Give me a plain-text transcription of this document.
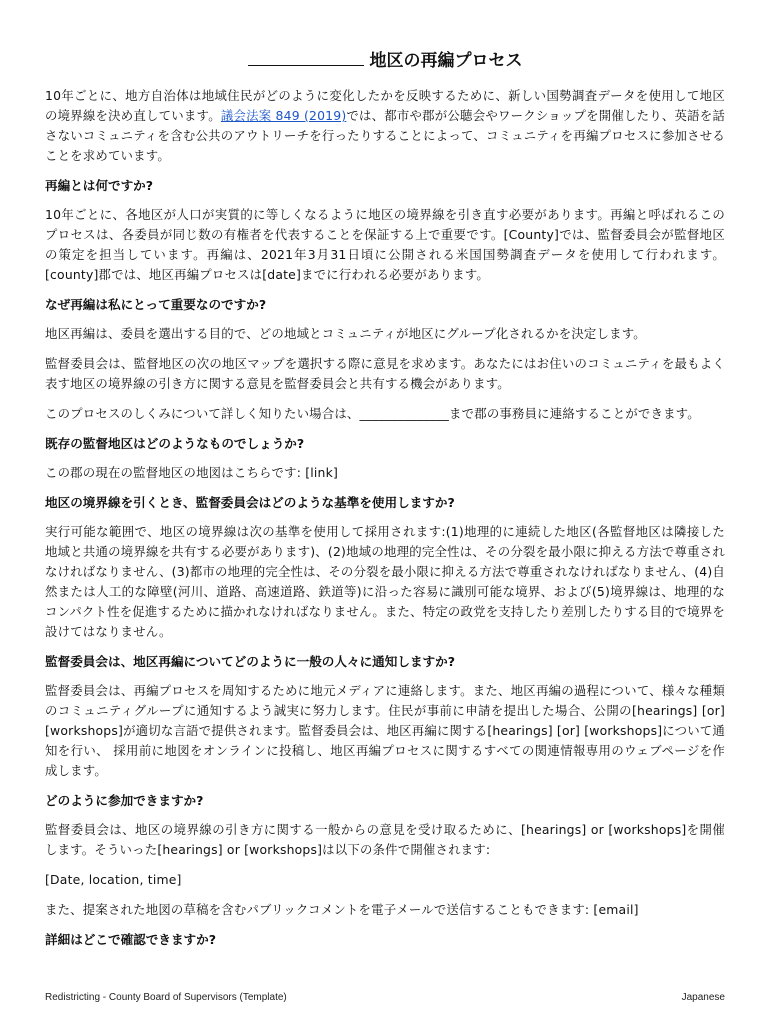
地区の再編プロセス

10年ごとに、地方自治体は地域住民がどのように変化したかを反映するために、新しい国勢調査データを使用して地区の境界線を決め直しています。議会法案 849 (2019)では、都市や郡が公聴会やワークショップを開催したり、英語を話さないコミュニティを含む公共のアウトリーチを行ったりすることによって、コミュニティを再編プロセスに参加させることを求めています。

再編とは何ですか?

10年ごとに、各地区が人口が実質的に等しくなるように地区の境界線を引き直す必要があります。再編と呼ばれるこのプロセスは、各委員が同じ数の有権者を代表することを保証する上で重要です。[County]では、監督委員会が監督地区の策定を担当しています。再編は、2021年3月31日頃に公開される米国国勢調査データを使用して行われます。[county]郡では、地区再編プロセスは[date]までに行われる必要があります。

なぜ再編は私にとって重要なのですか?

地区再編は、委員を選出する目的で、どの地域とコミュニティが地区にグループ化されるかを決定します。

監督委員会は、監督地区の次の地区マップを選択する際に意見を求めます。あなたにはお住いのコミュニティを最もよく表す地区の境界線の引き方に関する意見を監督委員会と共有する機会があります。

このプロセスのしくみについて詳しく知りたい場合は、______________まで郡の事務員に連絡することができます。

既存の監督地区はどのようなものでしょうか?

この郡の現在の監督地区の地図はこちらです: [link]

地区の境界線を引くとき、監督委員会はどのような基準を使用しますか?

実行可能な範囲で、地区の境界線は次の基準を使用して採用されます:(1)地理的に連続した地区(各監督地区は隣接した地域と共通の境界線を共有する必要があります)、(2)地域の地理的完全性は、その分裂を最小限に抑える方法で尊重されなければなりません、(3)都市の地理的完全性は、その分裂を最小限に抑える方法で尊重されなければなりません、(4)自然または人工的な障壁(河川、道路、高速道路、鉄道等)に沿った容易に識別可能な境界、および(5)境界線は、地理的なコンパクト性を促進するために描かれなければなりません。また、特定の政党を支持したり差別したりする目的で境界を設けてはなりません。

監督委員会は、地区再編についてどのように一般の人々に通知しますか?

監督委員会は、再編プロセスを周知するために地元メディアに連絡します。また、地区再編の過程について、様々な種類のコミュニティグループに通知するよう誠実に努力します。住民が事前に申請を提出した場合、公開の[hearings] [or] [workshops]が適切な言語で提供されます。監督委員会は、地区再編に関する[hearings] [or] [workshops]について通知を行い、 採用前に地図をオンラインに投稿し、地区再編プロセスに関するすべての関連情報専用のウェブページを作成します。

どのように参加できますか?

監督委員会は、地区の境界線の引き方に関する一般からの意見を受け取るために、[hearings] or [workshops]を開催します。そういった[hearings] or [workshops]は以下の条件で開催されます:

[Date, location, time]

また、提案された地図の草稿を含むパブリックコメントを電子メールで送信することもできます: [email]

詳細はどこで確認できますか?
Redistricting - County Board of Supervisors (Template)	Japanese
